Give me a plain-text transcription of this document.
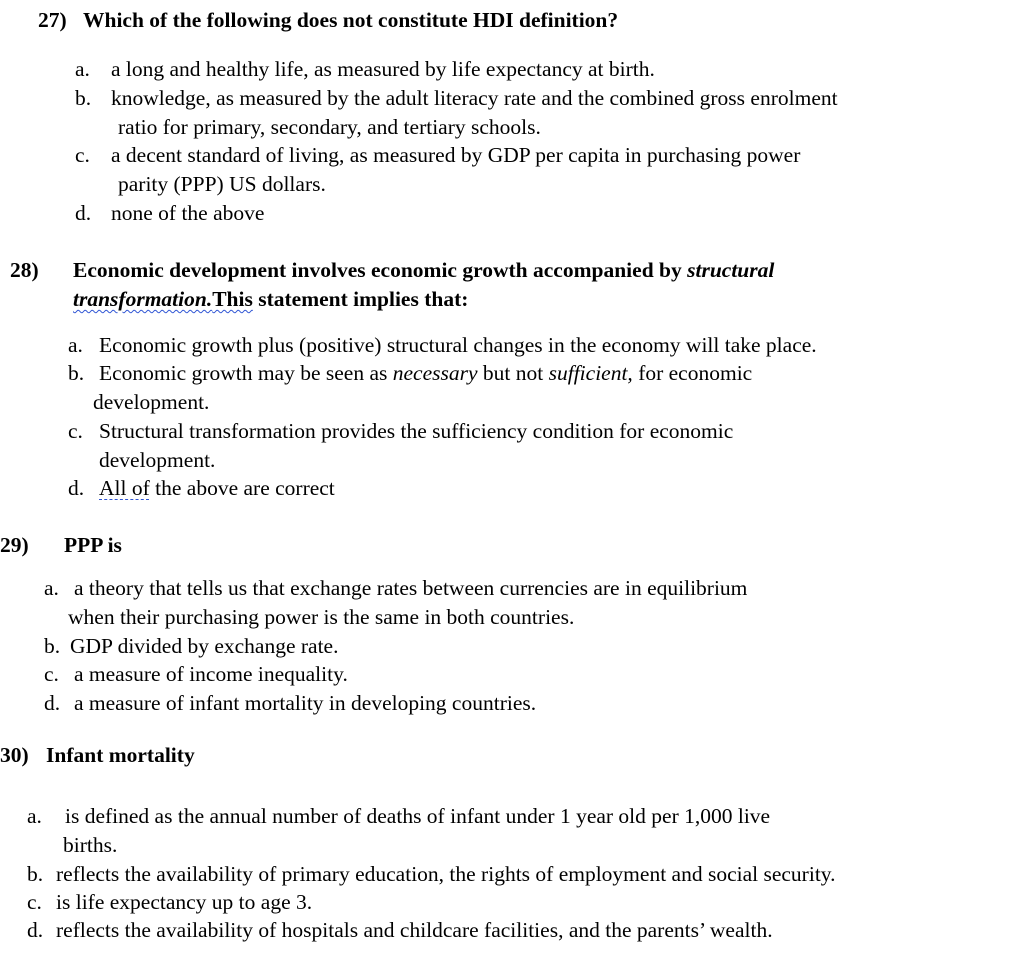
27) Which of the following does not constitute HDI definition?
a. a long and healthy life, as measured by life expectancy at birth.
b. knowledge, as measured by the adult literacy rate and the combined gross enrolment
ratio for primary, secondary, and tertiary schools.
c. a decent standard of living, as measured by GDP per capita in purchasing power
parity (PPP) US dollars.
d. none of the above
28) Economic development involves economic growth accompanied by structural
transformation.This statement implies that:
a. Economic growth plus (positive) structural changes in the economy will take place.
b. Economic growth may be seen as necessary but not sufficient, for economic
development.
c. Structural transformation provides the sufficiency condition for economic
development.
d. All of the above are correct
29) PPP is
a. a theory that tells us that exchange rates between currencies are in equilibrium
when their purchasing power is the same in both countries.
b. GDP divided by exchange rate.
c. a measure of income inequality.
d. a measure of infant mortality in developing countries.
30) Infant mortality
a. is defined as the annual number of deaths of infant under 1 year old per 1,000 live
births.
b. reflects the availability of primary education, the rights of employment and social security.
c. is life expectancy up to age 3.
d. reflects the availability of hospitals and childcare facilities, and the parents’ wealth.
